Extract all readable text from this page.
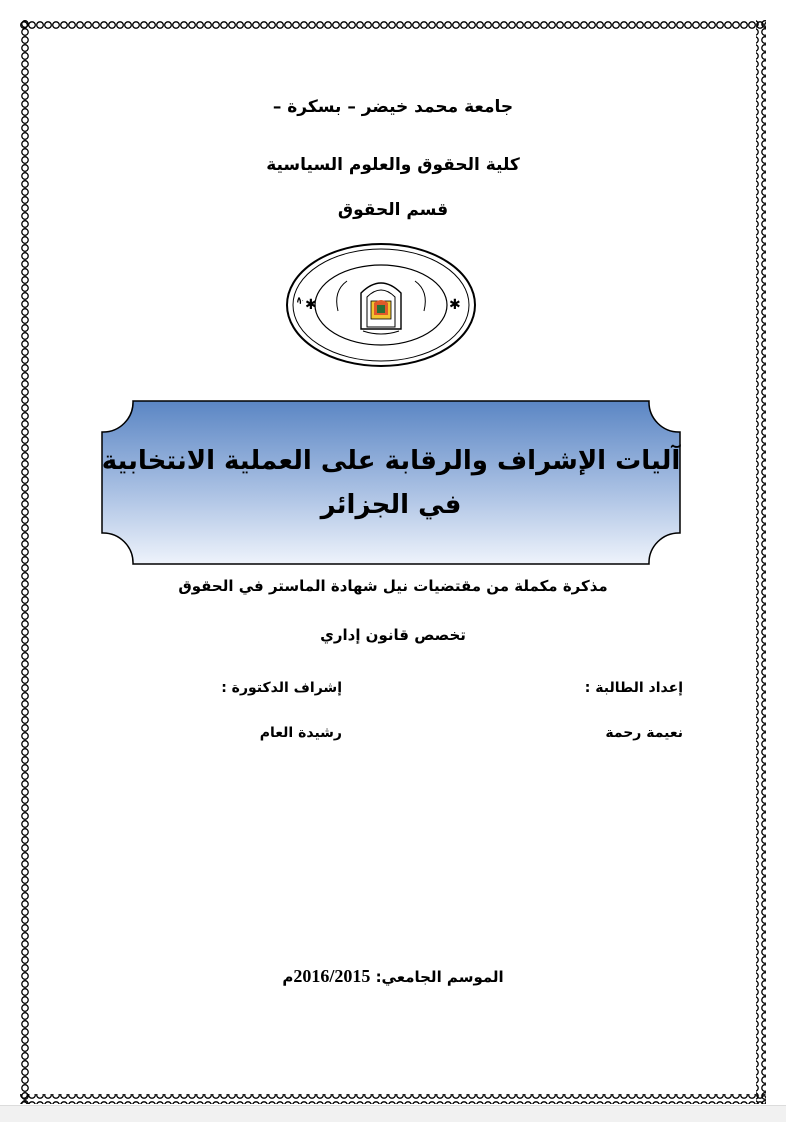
جامعة محمد خيضر – بسكرة –
كلية الحقوق والعلوم السياسية
قسم الحقوق
ج ✱	✱
آليات الإشراف والرقابة على العملية الانتخابية
في الجزائر
مذكرة مكملة من مقتضيات نيل شهادة الماستر في الحقوق
تخصص قانون إداري
إعداد الطالبة :
إشراف الدكتورة :
نعيمة رحمة
رشيدة العام
الموسم الجامعي: 2016/2015م
